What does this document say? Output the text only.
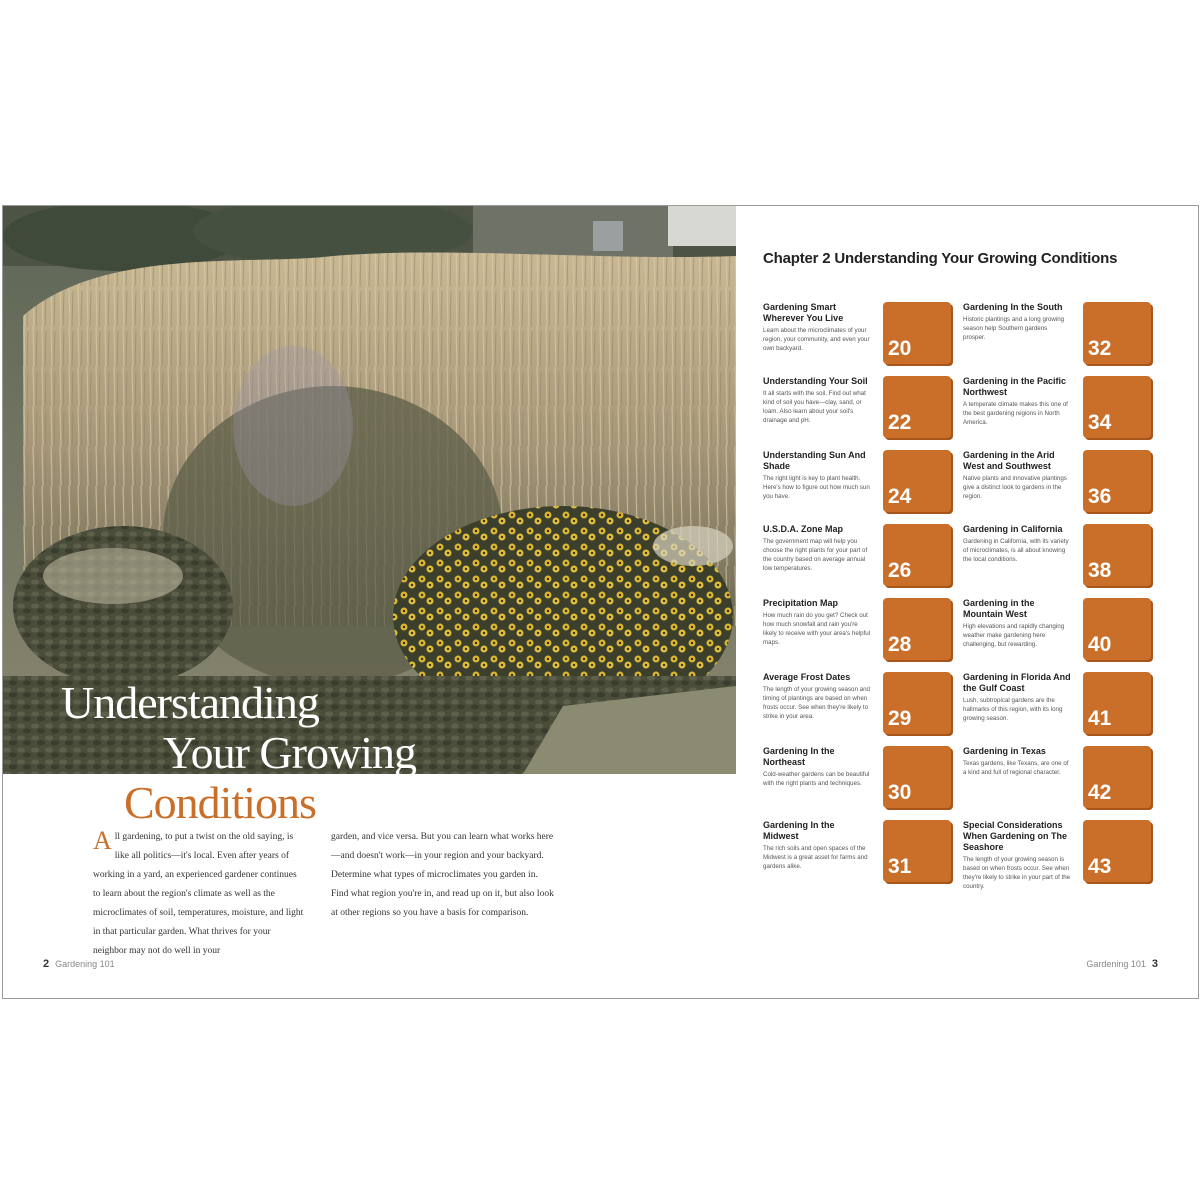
Understanding
Your Growing
Conditions
All gardening, to put a twist on the old saying, is like all politics—it's local. Even after years of working in a yard, an experienced gardener continues to learn about the region's climate as well as the microclimates of soil, temperatures, moisture, and light in that particular garden. What thrives for your neighbor may not do well in your
garden, and vice versa. But you can learn what works here—and doesn't work—in your region and your backyard. Determine what types of microclimates you garden in. Find what region you're in, and read up on it, but also look at other regions so you have a basis for comparison.
2 Gardening 101
Chapter 2 Understanding Your Growing Conditions
Gardening Smart Wherever You Live
Learn about the microclimates of your region, your community, and even your own backyard.	20
Understanding Your Soil
It all starts with the soil. Find out what kind of soil you have—clay, sand, or loam. Also learn about your soil's drainage and pH.	22
Understanding Sun And Shade
The right light is key to plant health. Here's how to figure out how much sun you have.	24
U.S.D.A. Zone Map
The government map will help you choose the right plants for your part of the country based on average annual low temperatures.	26
Precipitation Map
How much rain do you get? Check out how much snowfall and rain you're likely to receive with your area's helpful maps.	28
Average Frost Dates
The length of your growing season and timing of plantings are based on when frosts occur. See when they're likely to strike in your area.	29
Gardening In the Northeast
Cold-weather gardens can be beautiful with the right plants and techniques.	30
Gardening In the Midwest
The rich soils and open spaces of the Midwest is a great asset for farms and gardens alike.	31
Gardening In the South
Historic plantings and a long growing season help Southern gardens prosper.	32
Gardening in the Pacific Northwest
A temperate climate makes this one of the best gardening regions in North America.	34
Gardening in the Arid West and Southwest
Native plants and innovative plantings give a distinct look to gardens in the region.	36
Gardening in California
Gardening in California, with its variety of microclimates, is all about knowing the local conditions.	38
Gardening in the Mountain West
High elevations and rapidly changing weather make gardening here challenging, but rewarding.	40
Gardening in Florida And the Gulf Coast
Lush, subtropical gardens are the hallmarks of this region, with its long growing season.	41
Gardening in Texas
Texas gardens, like Texans, are one of a kind and full of regional character.
42
Special Considerations When Gardening on The Seashore
The length of your growing season is based on when frosts occur. See when they're likely to strike in your part of the country.
43
Gardening 101 3
